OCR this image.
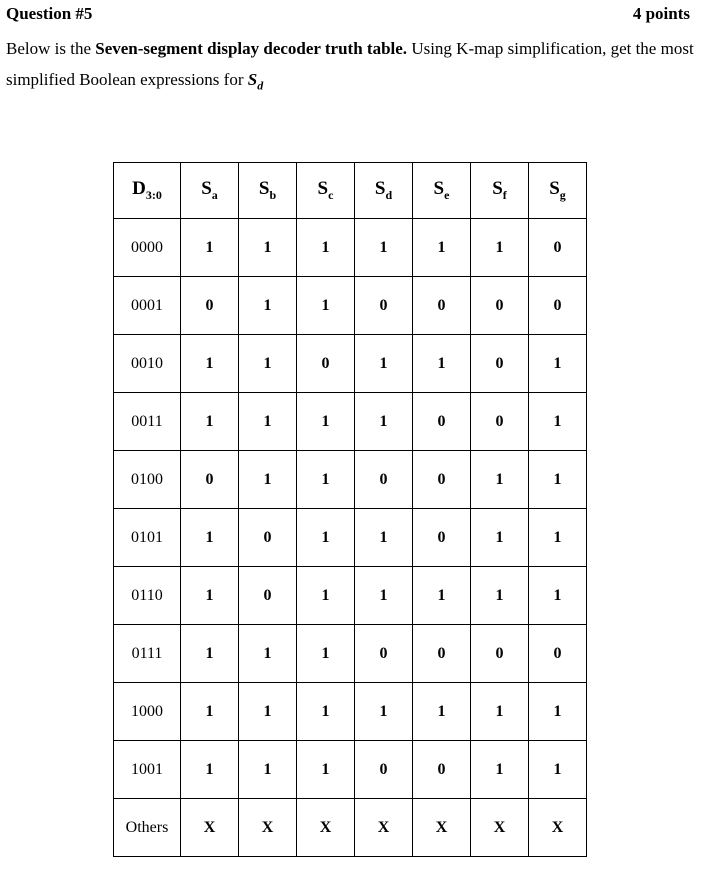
Question #5	4 points
Below is the Seven-segment display decoder truth table. Using K-map simplification, get the most simplified Boolean expressions for $S_d$
$D_{3:0}$	$S_a$	$S_b$	$S_c$	$S_d$	$S_e$	$S_f$	$S_g$
0000	1	1	1	1	1	1	0
0001	0	1	1	0	0	0	0
0010	1	1	0	1	1	0	1
0011	1	1	1	1	0	0	1
0100	0	1	1	0	0	1	1
0101	1	0	1	1	0	1	1
0110	1	0	1	1	1	1	1
0111	1	1	1	0	0	0	0
1000	1	1	1	1	1	1	1
1001	1	1	1	0	0	1	1
Others	X	X	X	X	X	X	X
